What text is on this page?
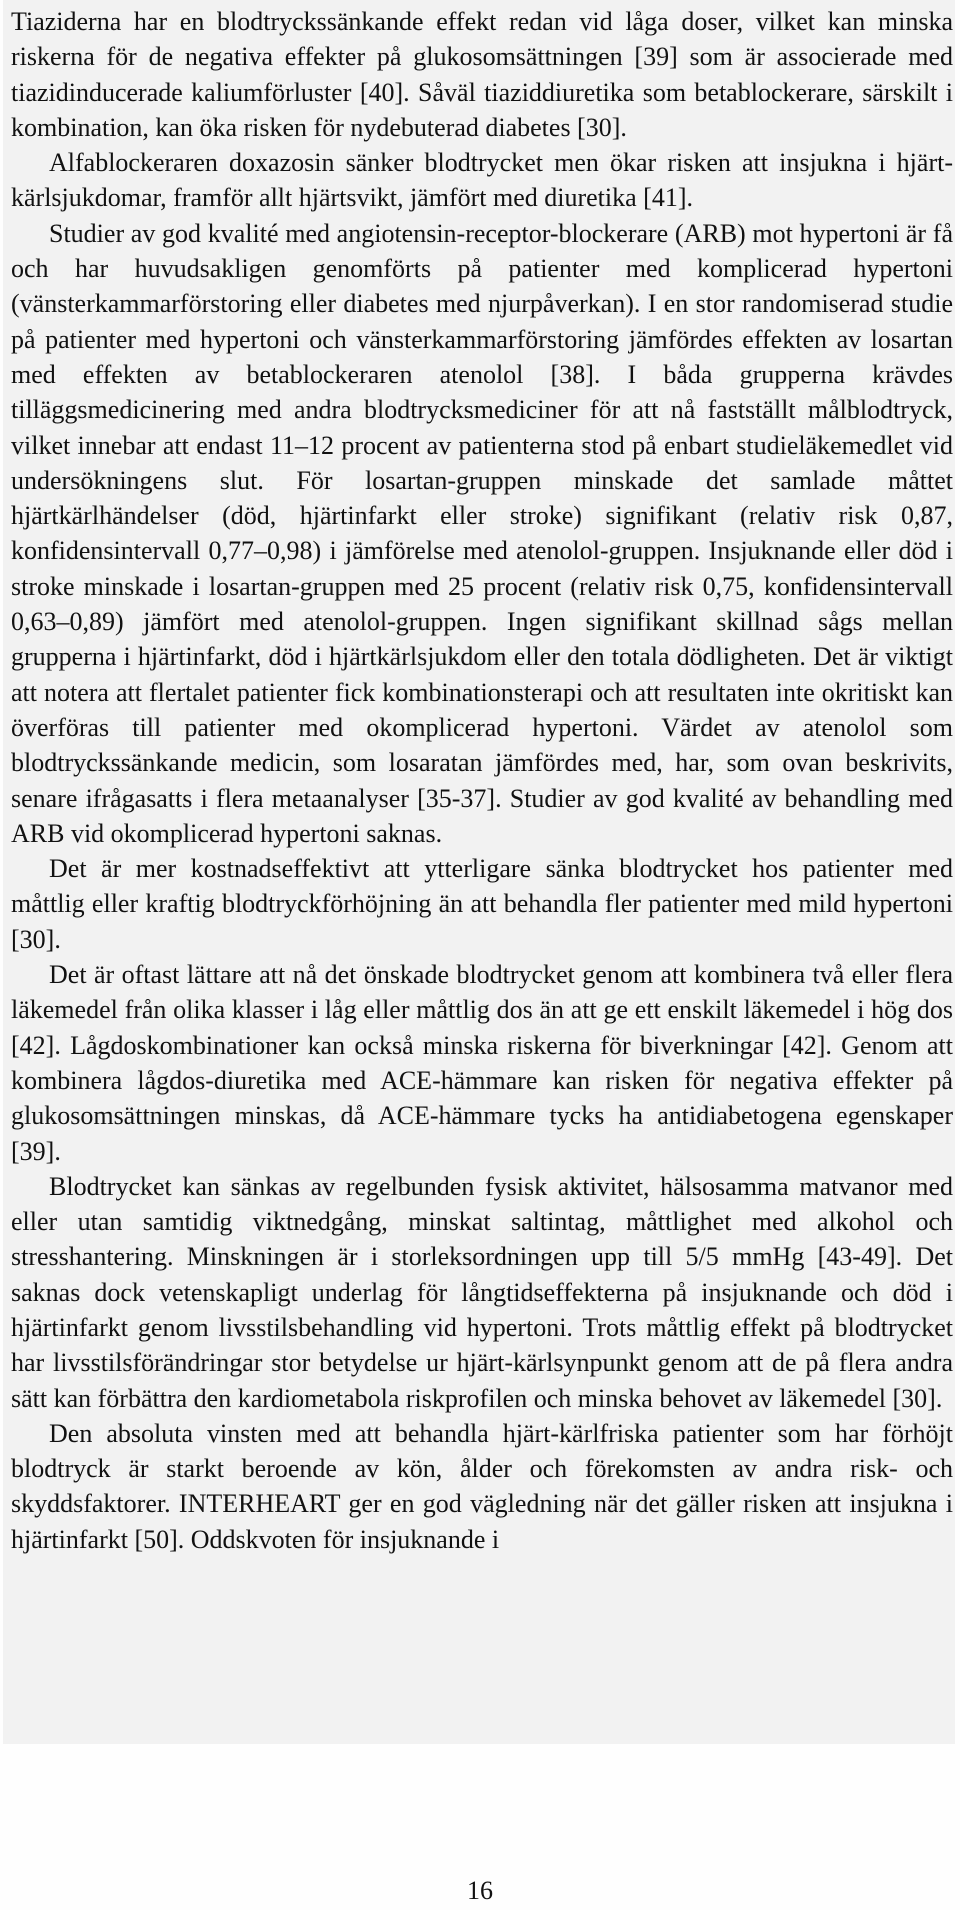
Tiaziderna har en blodtryckssänkande effekt redan vid låga doser, vilket kan minska riskerna för de negativa effekter på glukosomsättningen [39] som är associerade med tiazidinducerade kaliumförluster [40]. Såväl tiaziddiuretika som betablockerare, särskilt i kombination, kan öka risken för nydebuterad diabetes [30].

Alfablockeraren doxazosin sänker blodtrycket men ökar risken att insjukna i hjärt-kärlsjukdomar, framför allt hjärtsvikt, jämfört med diuretika [41].

Studier av god kvalité med angiotensin-receptor-blockerare (ARB) mot hypertoni är få och har huvudsakligen genomförts på patienter med komplicerad hypertoni (vänsterkammarförstoring eller diabetes med njurpåverkan). I en stor randomiserad studie på patienter med hypertoni och vänsterkammarförstoring jämfördes effekten av losartan med effekten av betablockeraren atenolol [38]. I båda grupperna krävdes tilläggsmedicinering med andra blodtrycksmediciner för att nå fastställt målblodtryck, vilket innebar att endast 11–12 procent av patienterna stod på enbart studieläkemedlet vid undersökningens slut. För losartan-gruppen minskade det samlade måttet hjärtkärlhändelser (död, hjärtinfarkt eller stroke) signifikant (relativ risk 0,87, konfidensintervall 0,77–0,98) i jämförelse med atenolol-gruppen. Insjuknande eller död i stroke minskade i losartan-gruppen med 25 procent (relativ risk 0,75, konfidensintervall 0,63–0,89) jämfört med atenolol-gruppen. Ingen signifikant skillnad sågs mellan grupperna i hjärtinfarkt, död i hjärtkärlsjukdom eller den totala dödligheten. Det är viktigt att notera att flertalet patienter fick kombinationsterapi och att resultaten inte okritiskt kan överföras till patienter med okomplicerad hypertoni. Värdet av atenolol som blodtryckssänkande medicin, som losaratan jämfördes med, har, som ovan beskrivits, senare ifrågasatts i flera metaanalyser [35-37]. Studier av god kvalité av behandling med ARB vid okomplicerad hypertoni saknas.

Det är mer kostnadseffektivt att ytterligare sänka blodtrycket hos patienter med måttlig eller kraftig blodtryckförhöjning än att behandla fler patienter med mild hypertoni [30].

Det är oftast lättare att nå det önskade blodtrycket genom att kombinera två eller flera läkemedel från olika klasser i låg eller måttlig dos än att ge ett enskilt läkemedel i hög dos [42]. Lågdoskombinationer kan också minska riskerna för biverkningar [42]. Genom att kombinera lågdos-diuretika med ACE-hämmare kan risken för negativa effekter på glukosomsättningen minskas, då ACE-hämmare tycks ha antidiabetogena egenskaper [39].

Blodtrycket kan sänkas av regelbunden fysisk aktivitet, hälsosamma matvanor med eller utan samtidig viktnedgång, minskat saltintag, måttlighet med alkohol och stresshantering. Minskningen är i storleksordningen upp till 5/5 mmHg [43-49]. Det saknas dock vetenskapligt underlag för långtidseffekterna på insjuknande och död i hjärtinfarkt genom livsstilsbehandling vid hypertoni. Trots måttlig effekt på blodtrycket har livsstilsförändringar stor betydelse ur hjärt-kärlsynpunkt genom att de på flera andra sätt kan förbättra den kardiometabola riskprofilen och minska behovet av läkemedel [30].

Den absoluta vinsten med att behandla hjärt-kärlfriska patienter som har förhöjt blodtryck är starkt beroende av kön, ålder och förekomsten av andra risk- och skyddsfaktorer. INTERHEART ger en god vägledning när det gäller risken att insjukna i hjärtinfarkt [50]. Oddskvoten för insjuknande i

16
